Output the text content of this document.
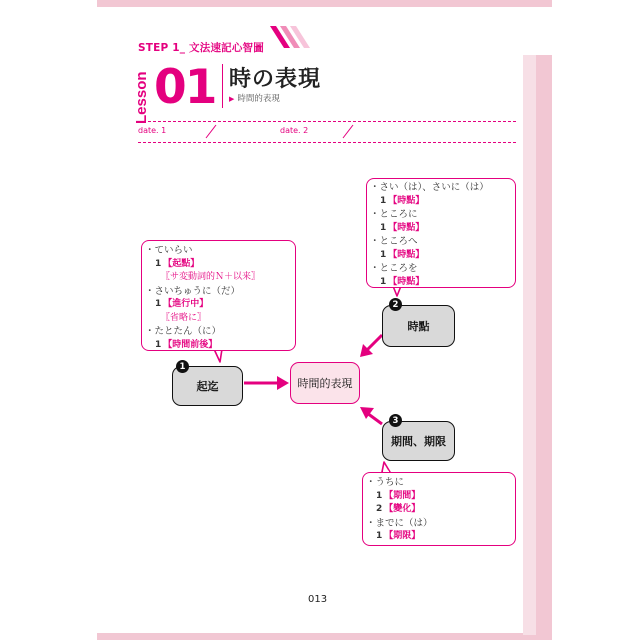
STEP 1_ 文法速記心智圖
Lesson 01 時の表現
▶ 時間的表現
date. 1	date. 2
・ていらい
1 【起點】
〖サ変動詞的Ｎ＋以来〗
・さいちゅうに（だ）
1 【進行中】
〖省略に〗
・たとたん（に）
1 【時間前後】
・さい（は）、さいに（は）
1 【時點】
・ところに
1 【時點】
・ところへ
1 【時點】
・ところを
1 【時點】
・うちに
1 【期間】
2 【變化】
・までに（は）
1 【期限】
起迄
1
時間的表現
時點
2
期間、期限
3
013
